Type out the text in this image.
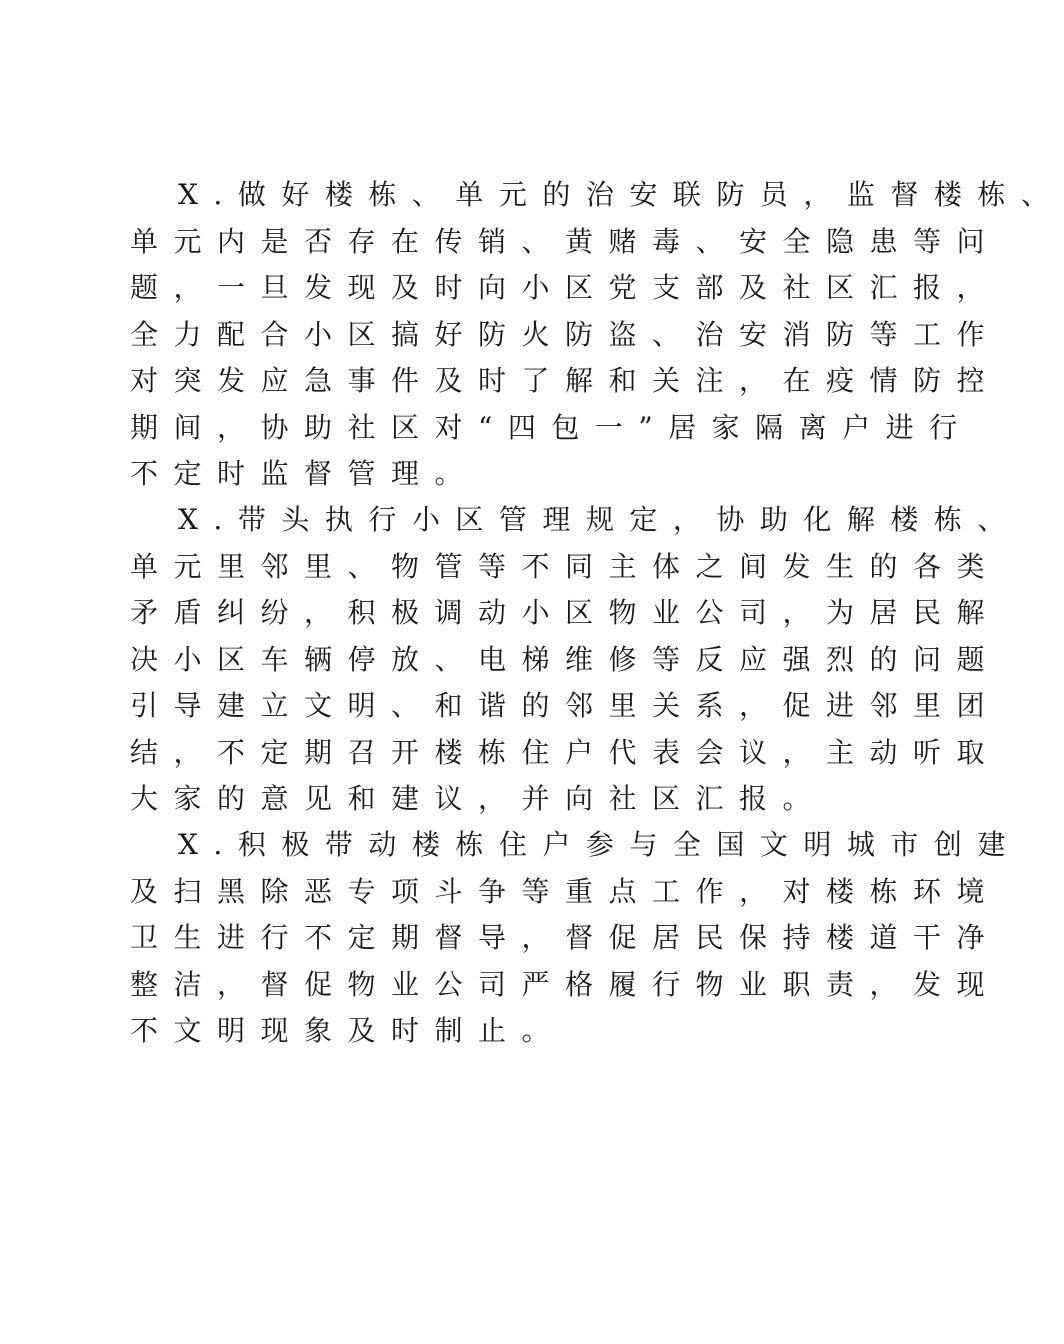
X.做好楼栋、单元的治安联防员，监督楼栋、
单元内是否存在传销、黄赌毒、安全隐患等问
题，一旦发现及时向小区党支部及社区汇报，
全力配合小区搞好防火防盗、治安消防等工作
对突发应急事件及时了解和关注，在疫情防控
期间，协助社区对“四包一”居家隔离户进行
不定时监督管理。
X.带头执行小区管理规定，协助化解楼栋、
单元里邻里、物管等不同主体之间发生的各类
矛盾纠纷，积极调动小区物业公司，为居民解
决小区车辆停放、电梯维修等反应强烈的问题
引导建立文明、和谐的邻里关系，促进邻里团
结，不定期召开楼栋住户代表会议，主动听取
大家的意见和建议，并向社区汇报。
X.积极带动楼栋住户参与全国文明城市创建
及扫黑除恶专项斗争等重点工作，对楼栋环境
卫生进行不定期督导，督促居民保持楼道干净
整洁，督促物业公司严格履行物业职责，发现
不文明现象及时制止。
